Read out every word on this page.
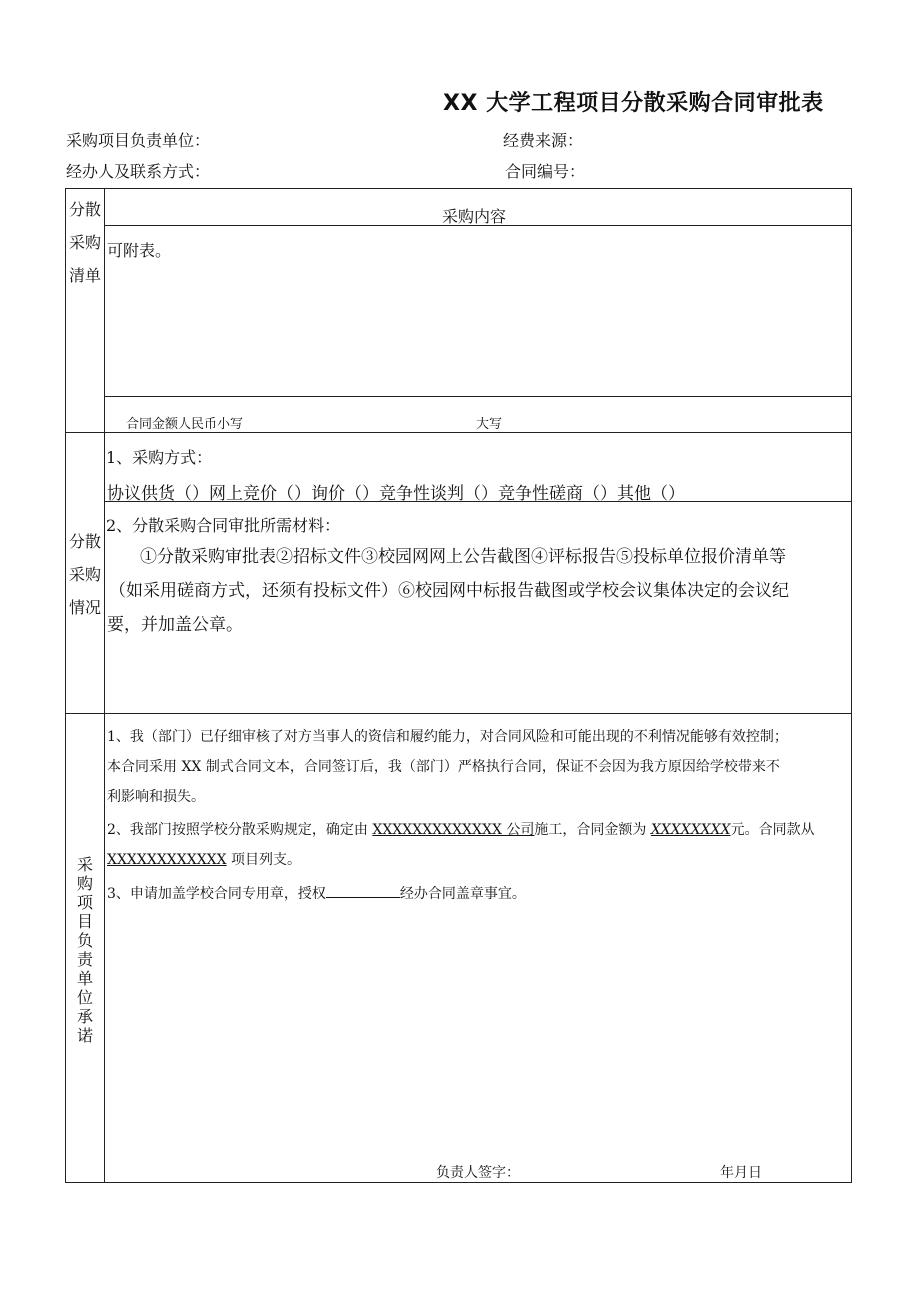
XX 大学工程项目分散采购合同审批表
采购项目负责单位：	经费来源：
经办人及联系方式：	合同编号：
分散
采购
清单
采购内容
可附表。
合同金额人民币小写	大写
分散
采购
情况
1、采购方式：
协议供货（）网上竞价（）询价（）竞争性谈判（）竞争性磋商（）其他（）
2、分散采购合同审批所需材料：
①分散采购审批表②招标文件③校园网网上公告截图④评标报告⑤投标单位报价清单等
（如采用磋商方式，还须有投标文件）⑥校园网中标报告截图或学校会议集体决定的会议纪
要，并加盖公章。
采购项目负责单位承诺
1、我（部门）已仔细审核了对方当事人的资信和履约能力，对合同风险和可能出现的不利情况能够有效控制；
本合同采用 XX 制式合同文本，合同签订后，我（部门）严格执行合同，保证不会因为我方原因给学校带来不
利影响和损失。
2、我部门按照学校分散采购规定，确定由 XXXXXXXXXXXXX 公司施工，合同金额为 XXXXXXXX元。合同款从
XXXXXXXXXXXX 项目列支。
3、申请加盖学校合同专用章，授权	经办合同盖章事宜。
负责人签字：	年月日
